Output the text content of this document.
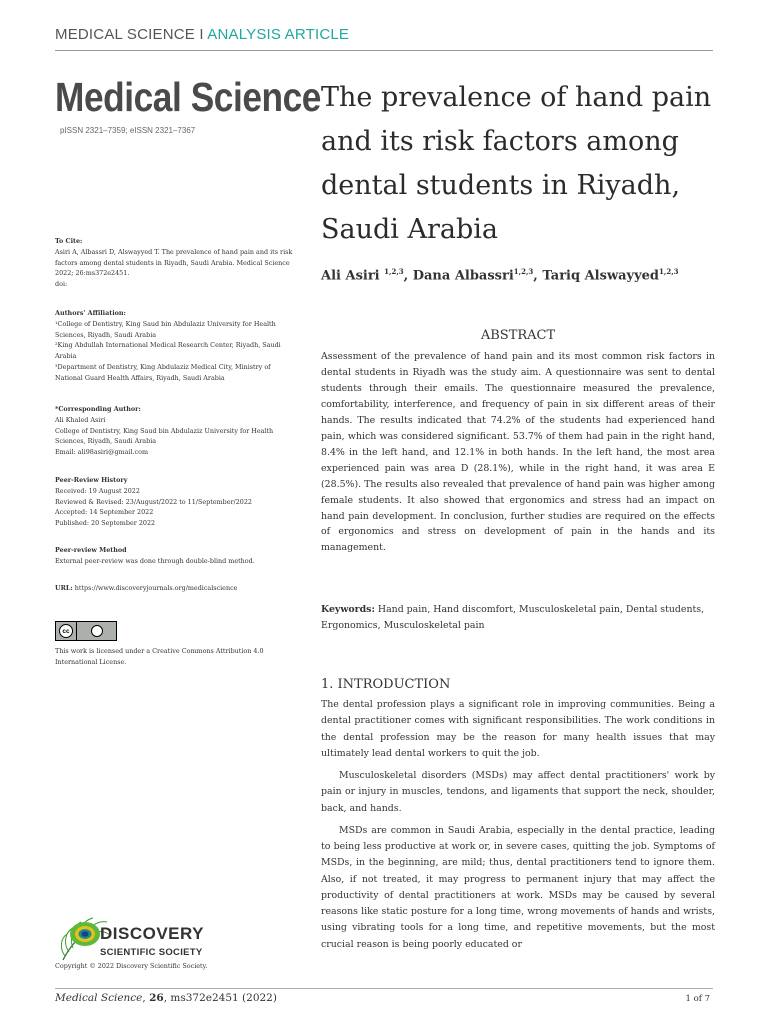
MEDICAL SCIENCE I ANALYSIS ARTICLE
Medical Science
pISSN 2321–7359; eISSN 2321–7367
The prevalence of hand pain and its risk factors among dental students in Riyadh, Saudi Arabia
Ali Asiri $^{1,2,3}$, Dana Albassri$^{1,2,3}$, Tariq Alswayyed$^{1,2,3}$
To Cite:

Asiri A, Albassri D, Alswayyed T. The prevalence of hand pain and its risk factors among dental students in Riyadh, Saudi Arabia. Medical Science 2022; 26:ms372e2451.

doi:

Authors' Affiliation:

¹College of Dentistry, King Saud bin Abdulaziz University for Health Sciences, Riyadh, Saudi Arabia

²King Abdullah International Medical Research Center, Riyadh, Saudi Arabia

³Department of Dentistry, King Abdulaziz Medical City, Ministry of National Guard Health Affairs, Riyadh, Saudi Arabia

*Corresponding Author:

Ali Khaled Asiri

College of Dentistry, King Saud bin Abdulaziz University for Health Sciences, Riyadh, Saudi Arabia

Email: ali98asiri@gmail.com

Peer-Review History

Received: 19 August 2022

Reviewed & Revised: 23/August/2022 to 11/September/2022

Accepted: 14 September 2022

Published: 20 September 2022

Peer-review Method

External peer-review was done through double-blind method.

URL: https://www.discoveryjournals.org/medicalscience

cc

This work is licensed under a Creative Commons Attribution 4.0 International License.

DISCOVERY
SCIENTIFIC SOCIETY
Copyright © 2022 Discovery Scientific Society.
ABSTRACT

Assessment of the prevalence of hand pain and its most common risk factors in dental students in Riyadh was the study aim. A questionnaire was sent to dental students through their emails. The questionnaire measured the prevalence, comfortability, interference, and frequency of pain in six different areas of their hands. The results indicated that 74.2% of the students had experienced hand pain, which was considered significant. 53.7% of them had pain in the right hand, 8.4% in the left hand, and 12.1% in both hands. In the left hand, the most area experienced pain was area D (28.1%), while in the right hand, it was area E (28.5%). The results also revealed that prevalence of hand pain was higher among female students. It also showed that ergonomics and stress had an impact on hand pain development. In conclusion, further studies are required on the effects of ergonomics and stress on development of pain in the hands and its management.

Keywords: Hand pain, Hand discomfort, Musculoskeletal pain, Dental students, Ergonomics, Musculoskeletal pain

1. INTRODUCTION

The dental profession plays a significant role in improving communities. Being a dental practitioner comes with significant responsibilities. The work conditions in the dental profession may be the reason for many health issues that may ultimately lead dental workers to quit the job.

Musculoskeletal disorders (MSDs) may affect dental practitioners' work by pain or injury in muscles, tendons, and ligaments that support the neck, shoulder, back, and hands.

MSDs are common in Saudi Arabia, especially in the dental practice, leading to being less productive at work or, in severe cases, quitting the job. Symptoms of MSDs, in the beginning, are mild; thus, dental practitioners tend to ignore them. Also, if not treated, it may progress to permanent injury that may affect the productivity of dental practitioners at work. MSDs may be caused by several reasons like static posture for a long time, wrong movements of hands and wrists, using vibrating tools for a long time, and repetitive movements, but the most crucial reason is being poorly educated or

Medical Science, 26, ms372e2451 (2022)	1 of 7
